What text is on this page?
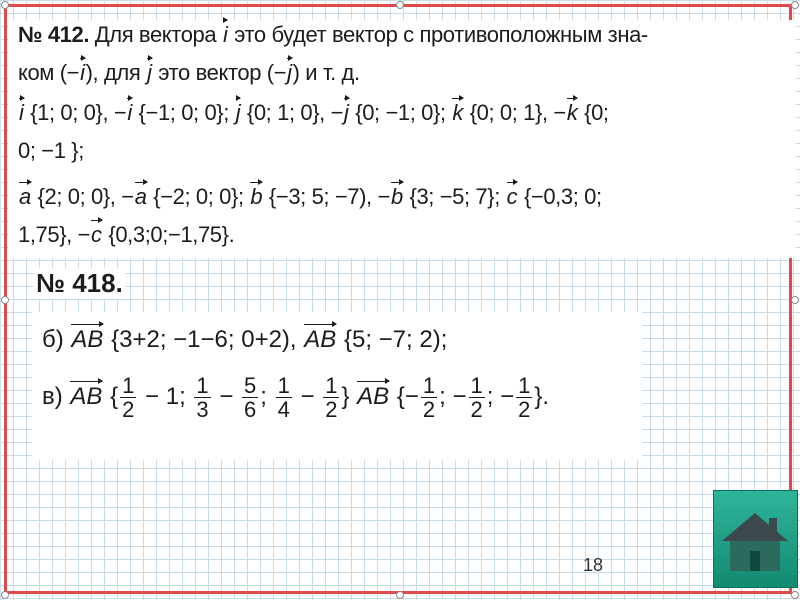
№ 412. Для вектора i это будет вектор с противоположным зна-
ком (−i), для j это вектор (−j) и т. д.
i {1; 0; 0}, −i {−1; 0; 0}; j {0; 1; 0}, −j {0; −1; 0}; k {0; 0; 1}, −k {0;
0; −1 };
a {2; 0; 0}, −a {−2; 0; 0}; b {−3; 5; −7), −b {3; −5; 7}; c {−0,3; 0;
1,75}, −c {0,3;0;−1,75}.
№ 418.
б) AB {3+2; −1−6; 0+2), AB {5; −7; 2);
в) AB { $\frac{1}{2} - 1$; $\frac{1}{3} - \frac{5}{6}$ ; $\frac{1}{4} - \frac{1}{2}$ } AB {− $\frac{1}{2}$ ; − $\frac{1}{2}$ ; − $\frac{1}{2}$ }.
18
